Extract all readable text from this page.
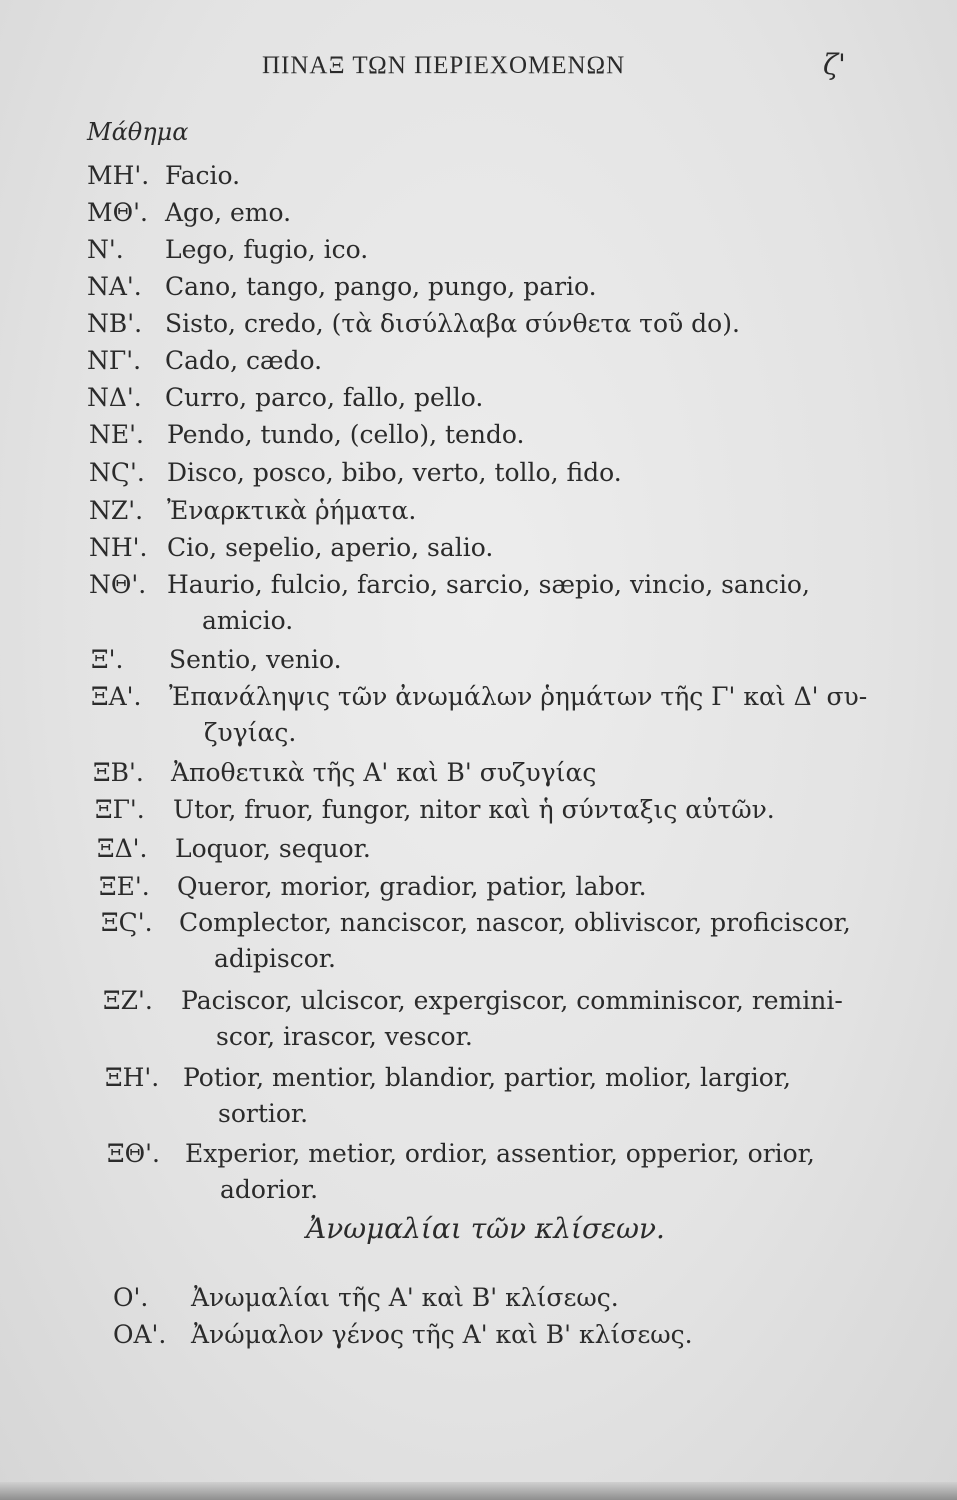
ΠΙΝΑΞ ΤΩΝ ΠΕΡΙΕΧΟΜΕΝΩΝ	ζ'
Μάθημα
ΜΗ'. Facio.
ΜΘ'. Ago, emo.
Ν'. Lego, fugio, ico.
ΝΑ'. Cano, tango, pango, pungo, pario.
ΝΒ'. Sisto, credo, (τὰ δισύλλαβα σύνθετα τοῦ do).
ΝΓ'. Cado, cædo.
ΝΔ'. Curro, parco, fallo, pello.
ΝΕ'. Pendo, tundo, (cello), tendo.
ΝϚ'. Disco, posco, bibo, verto, tollo, fido.
ΝΖ'. Ἐναρκτικὰ ῥήματα.
ΝΗ'. Cio, sepelio, aperio, salio.
ΝΘ'. Haurio, fulcio, farcio, sarcio, sæpio, vincio, sancio,
amicio.
Ξ'. Sentio, venio.
ΞΑ'. Ἐπανάληψις τῶν ἀνωμάλων ῥημάτων τῆς Γ' καὶ Δ' συ-
ζυγίας.
ΞΒ'. Ἀποθετικὰ τῆς Α' καὶ Β' συζυγίας
ΞΓ'. Utor, fruor, fungor, nitor καὶ ἡ σύνταξις αὐτῶν.
ΞΔ'. Loquor, sequor.
ΞΕ'. Queror, morior, gradior, patior, labor.
ΞϚ'. Complector, nanciscor, nascor, obliviscor, proficiscor,
adipiscor.
ΞΖ'. Paciscor, ulciscor, expergiscor, comminiscor, remini-
scor, irascor, vescor.
ΞΗ'. Potior, mentior, blandior, partior, molior, largior,
sortior.
ΞΘ'. Experior, metior, ordior, assentior, opperior, orior,
adorior.
Ο'. Ἀνωμαλίαι τῆς Α' καὶ Β' κλίσεως.
ΟΑ'. Ἀνώμαλον γένος τῆς Α' καὶ Β' κλίσεως.
Ἀνωμαλίαι τῶν κλίσεων.
